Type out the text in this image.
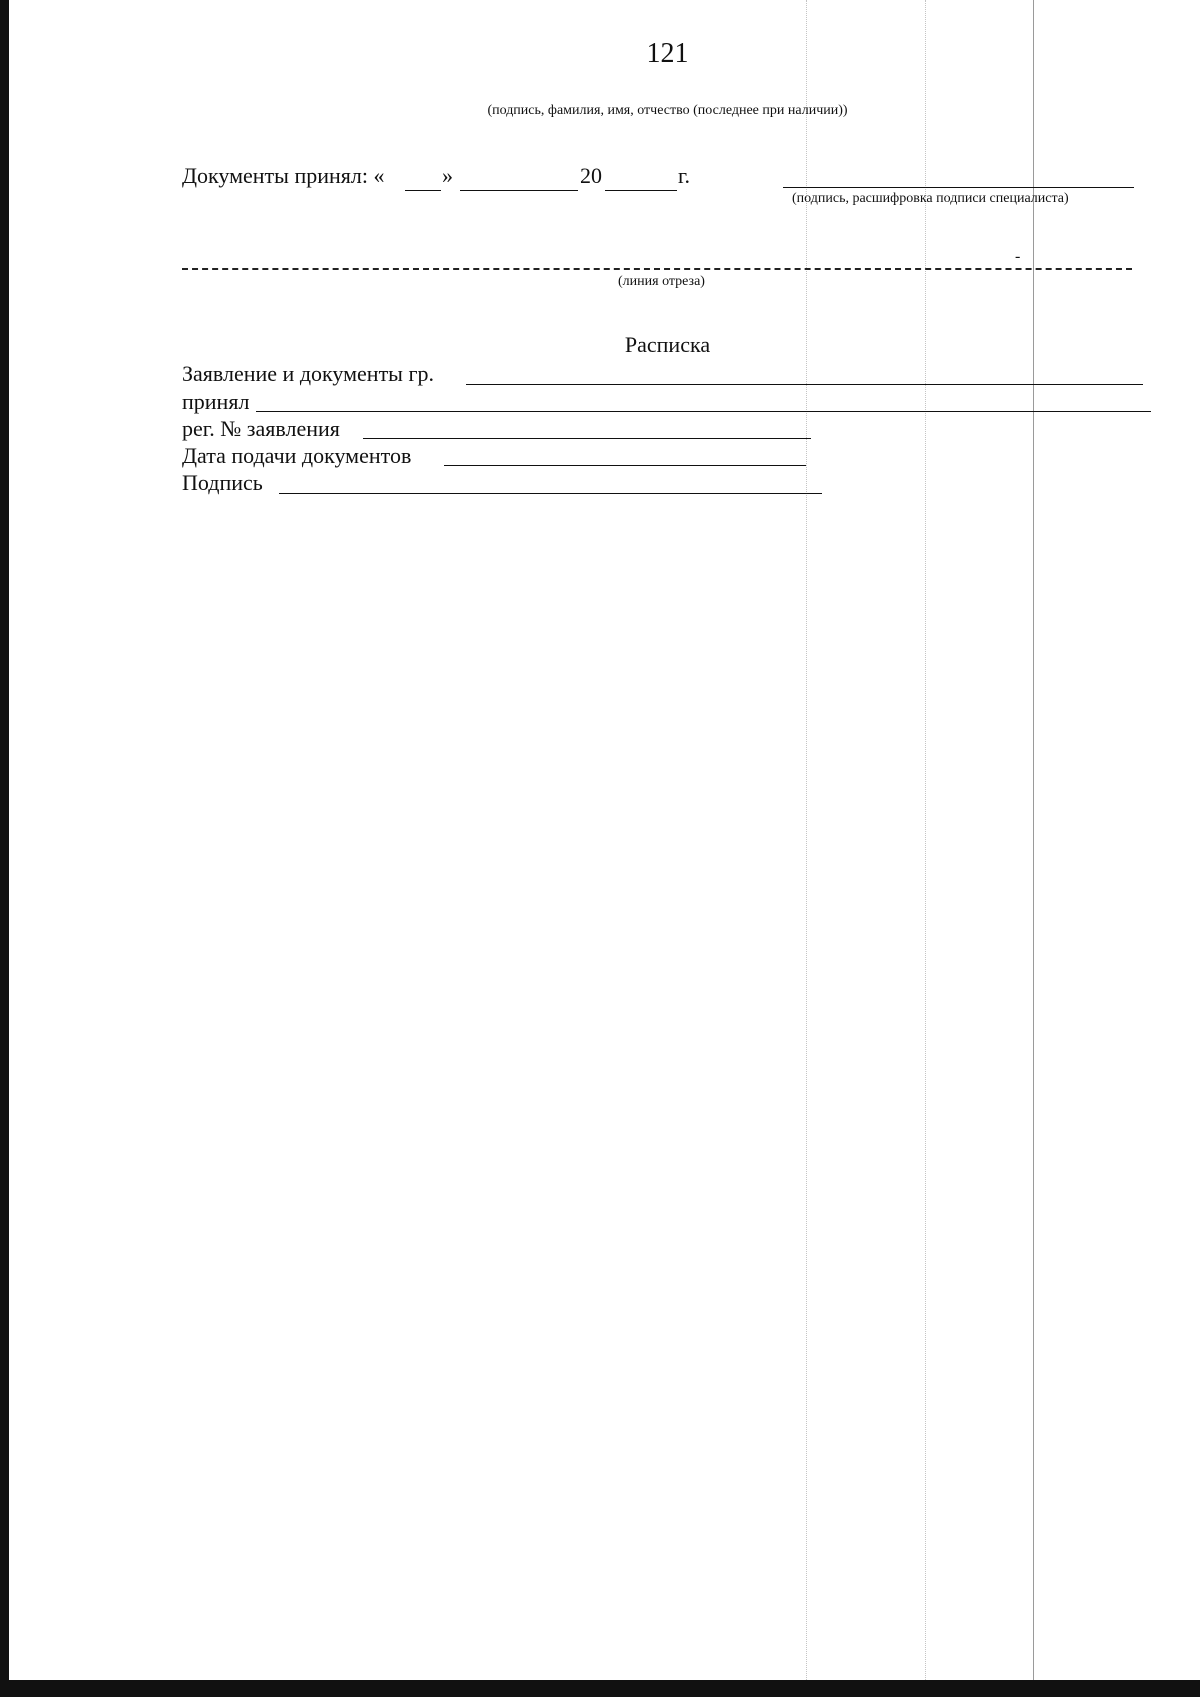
121
(подпись, фамилия, имя, отчество (последнее при наличии))
Документы принял: «	»	20	г.
(подпись, расшифровка подписи специалиста)
-
(линия отреза)
Расписка
Заявление и документы гр.
принял
рег. № заявления
Дата подачи документов
Подпись
